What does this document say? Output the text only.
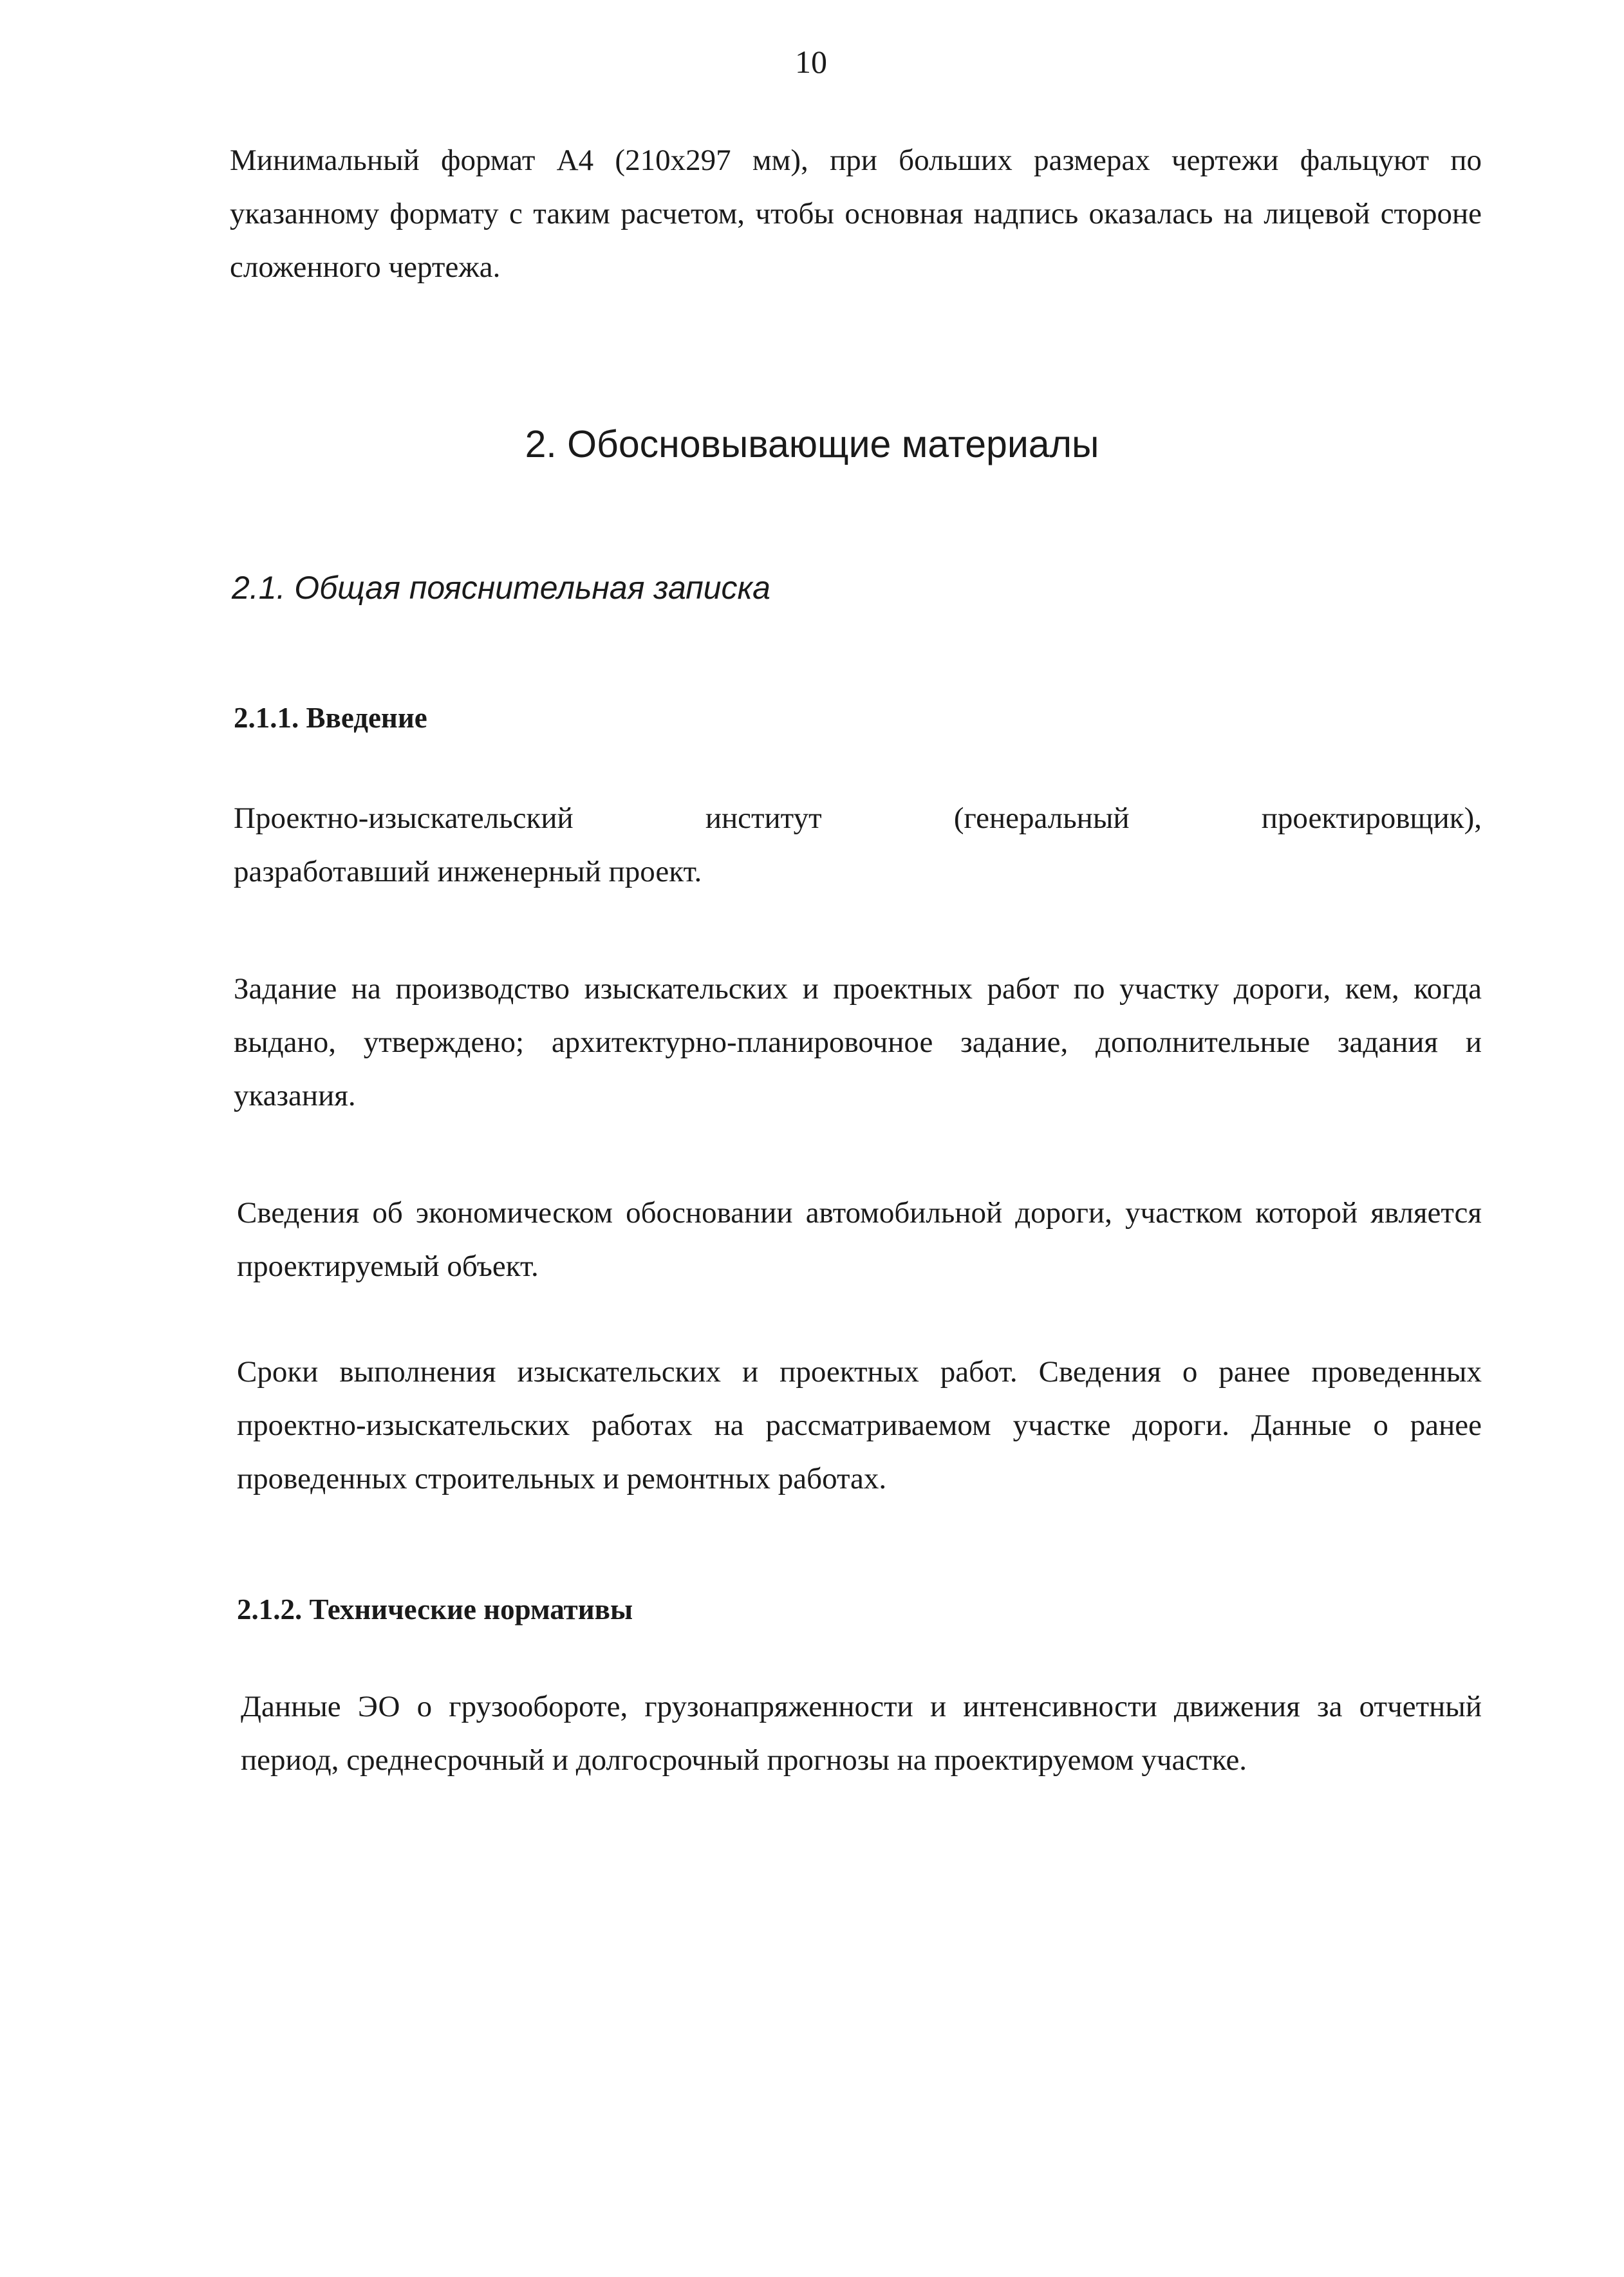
10

Минимальный формат А4 (210х297 мм), при больших размерах чертежи фальцуют по указанному формату с таким расчетом, чтобы основная надпись оказалась на лицевой стороне сложенного чертежа.

2. Обосновывающие материалы
2.1. Общая пояснительная записка
2.1.1. Введение
Проектно-изыскательский	институт	(генеральный	проектировщик),
разработавший инженерный проект.

Задание на производство изыскательских и проектных работ по участку дороги, кем, когда выдано, утверждено; архитектурно-планировочное задание, дополнительные задания и указания.

Сведения об экономическом обосновании автомобильной дороги, участком которой является проектируемый объект.

Сроки выполнения изыскательских и проектных работ. Сведения о ранее проведенных проектно-изыскательских работах на рассматриваемом участке дороги. Данные о ранее проведенных строительных и ремонтных работах.

2.1.2. Технические нормативы

Данные ЭО о грузообороте, грузонапряженности и интенсивности движения за отчетный период, среднесрочный и долгосрочный прогнозы на проектируемом участке.
